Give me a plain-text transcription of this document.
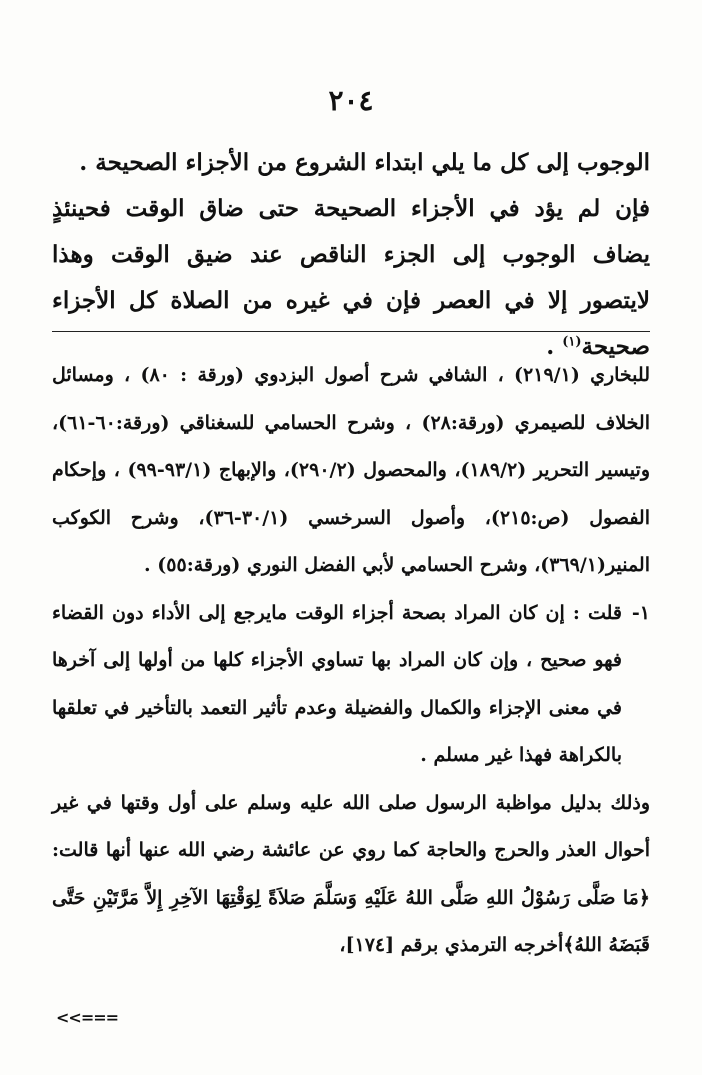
٢٠٤

الوجوب إلى كل ما يلي ابتداء الشروع من الأجزاء الصحيحة .

فإن لم يؤد في الأجزاء الصحيحة حتى ضاق الوقت فحينئذٍ يضاف الوجوب إلى الجزء الناقص عند ضيق الوقت وهذا لايتصور إلا في العصر فإن في غيره من الصلاة كل الأجزاء صحيحة$^{(١)}$ .

للبخاري (٢١٩/١) ، الشافي شرح أصول البزدوي (ورقة : ٨٠) ، ومسائل الخلاف للصيمري (ورقة:٢٨) ، وشرح الحسامي للسغناقي (ورقة:٦٠-٦١)، وتيسير التحرير (١٨٩/٢)، والمحصول (٢٩٠/٢)، والإبهاج (٩٣/١-٩٩) ، وإحكام الفصول (ص:٢١٥)، وأصول السرخسي (٣٠/١-٣٦)، وشرح الكوكب المنير(٣٦٩/١)، وشرح الحسامي لأبي الفضل النوري (ورقة:٥٥) .

١-

قلت : إن كان المراد بصحة أجزاء الوقت مايرجع إلى الأداء دون القضاء فهو صحيح ، وإن كان المراد بها تساوي الأجزاء كلها من أولها إلى آخرها في معنى الإجزاء والكمال والفضيلة وعدم تأثير التعمد بالتأخير في تعلقها بالكراهة فهذا غير مسلم .

وذلك بدليل مواظبة الرسول صلى الله عليه وسلم على أول وقتها في غير أحوال العذر والحرج والحاجة كما روي عن عائشة رضي الله عنها أنها قالت: ﴿مَا صَلَّى رَسُوْلُ اللهِ صَلَّى اللهُ عَلَيْهِ وَسَلَّمَ صَلاَةً لِوَقْتِهَا الآخِرِ إِلاَّ مَرَّتَيْنِ حَتَّى قَبَضَهُ اللهُ﴾أخرجه الترمذي برقم [١٧٤]،

<<===
